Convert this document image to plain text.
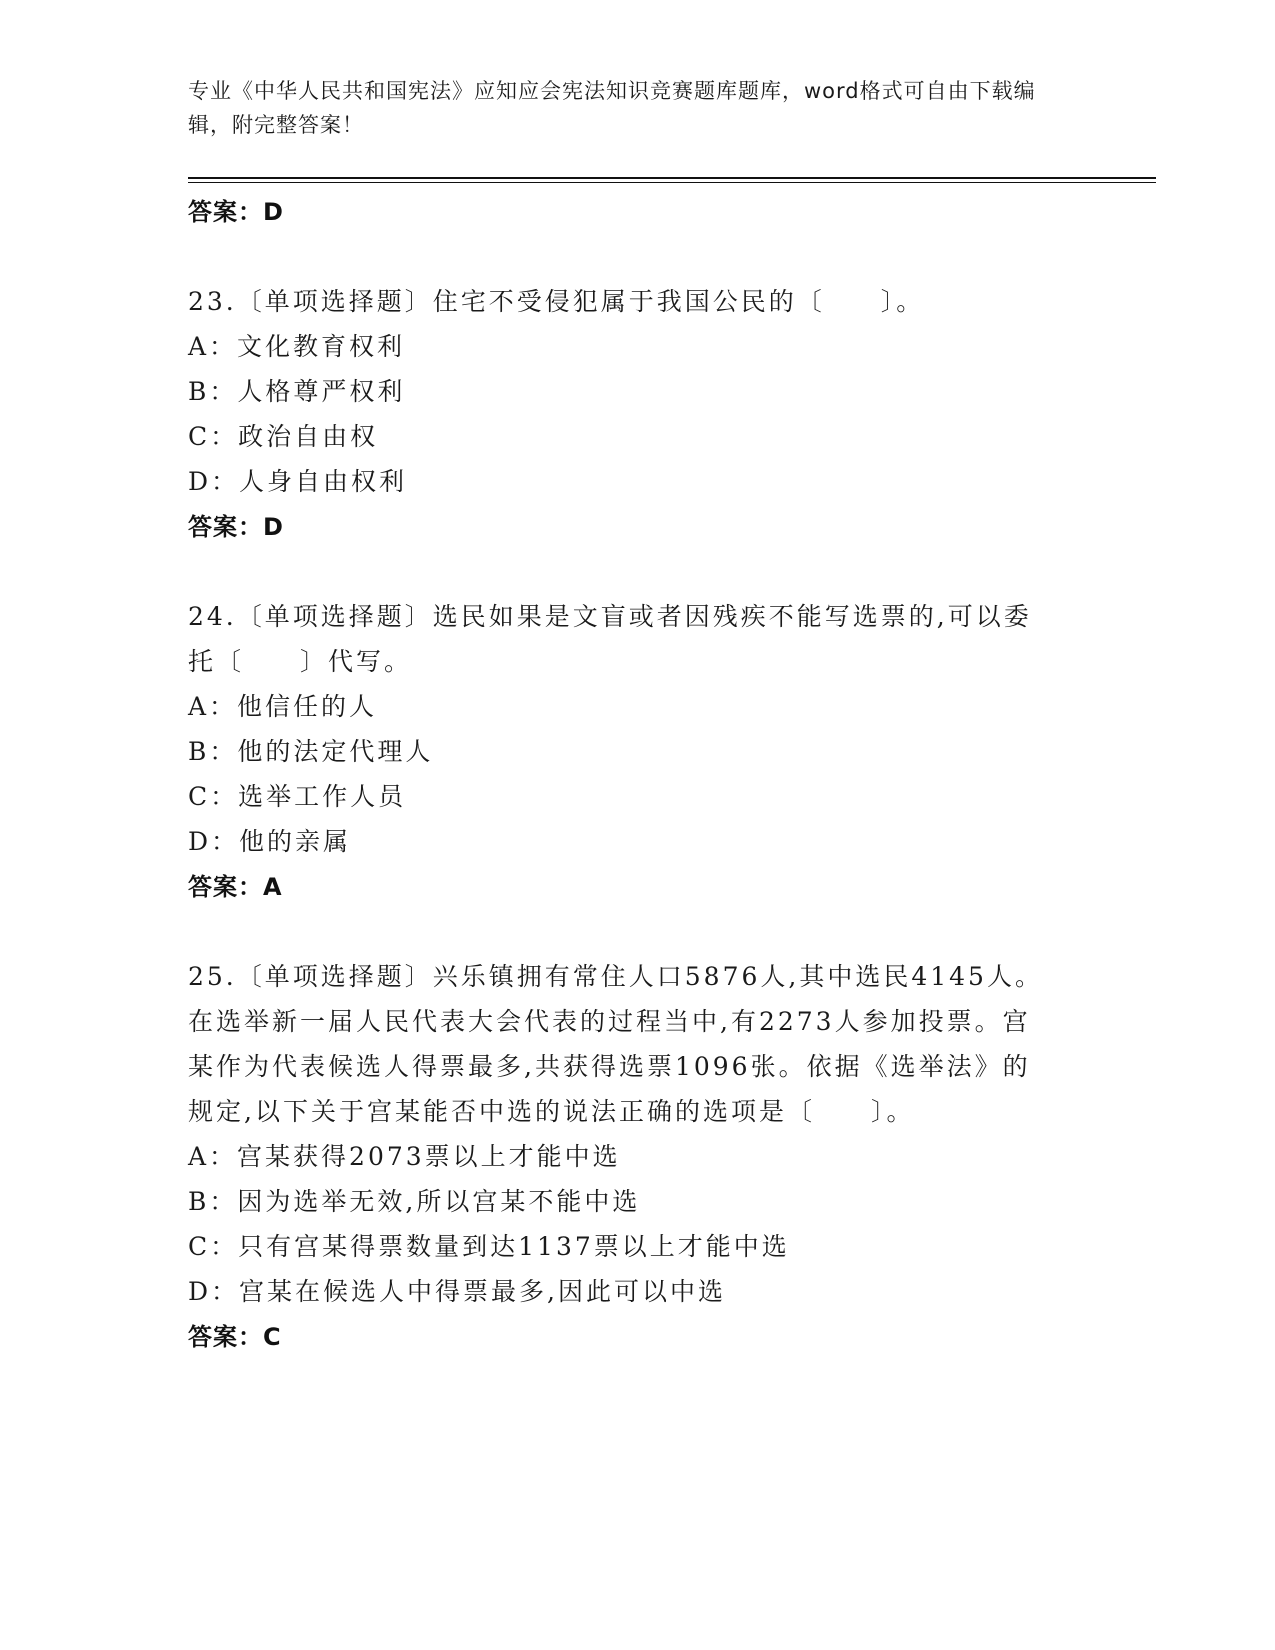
专业《中华人民共和国宪法》应知应会宪法知识竞赛题库题库，word格式可自由下载编辑，附完整答案！
答案：D
23.〔单项选择题〕住宅不受侵犯属于我国公民的〔　　〕。
A：文化教育权利
B：人格尊严权利
C：政治自由权
D：人身自由权利
答案：D
24.〔单项选择题〕选民如果是文盲或者因残疾不能写选票的,可以委
托〔　　〕代写。
A：他信任的人
B：他的法定代理人
C：选举工作人员
D：他的亲属
答案：A
25.〔单项选择题〕兴乐镇拥有常住人口5876人,其中选民4145人。
在选举新一届人民代表大会代表的过程当中,有2273人参加投票。宫
某作为代表候选人得票最多,共获得选票1096张。依据《选举法》的
规定,以下关于宫某能否中选的说法正确的选项是〔　　〕。
A：宫某获得2073票以上才能中选
B：因为选举无效,所以宫某不能中选
C：只有宫某得票数量到达1137票以上才能中选
D：宫某在候选人中得票最多,因此可以中选
答案：C
